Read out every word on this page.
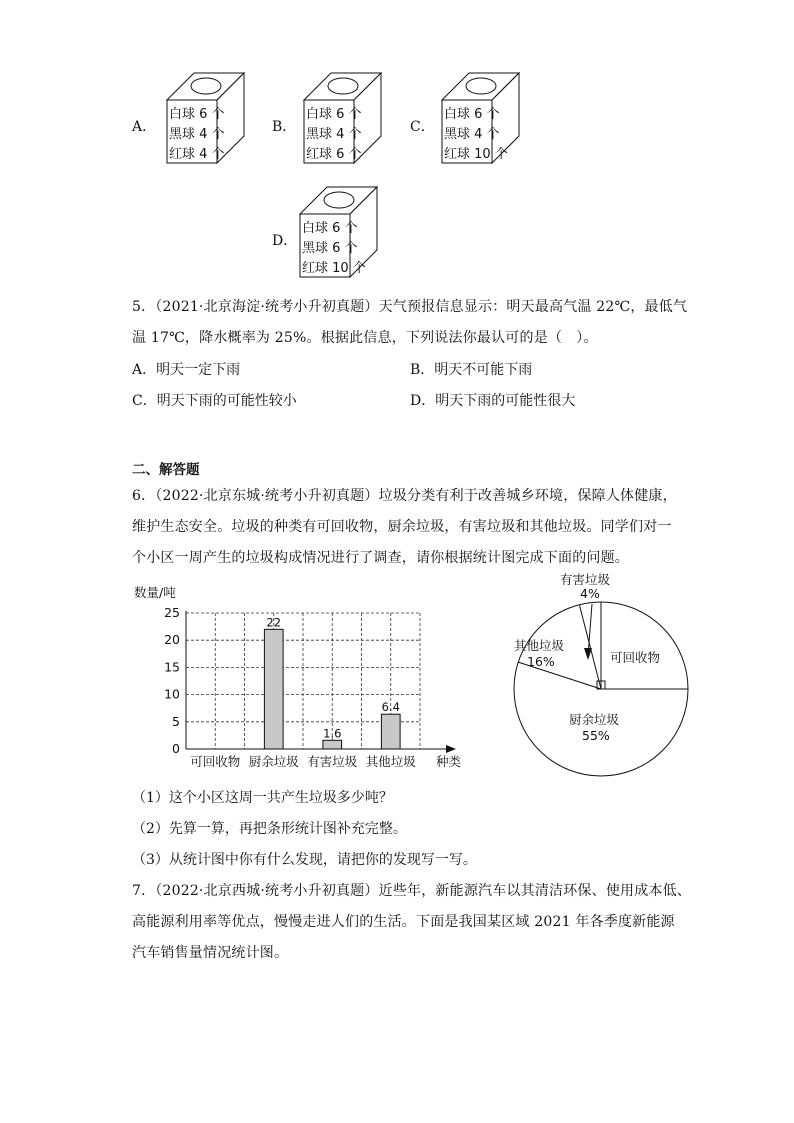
A．
白球 6 个
黑球 4 个
红球 4 个
B．
白球 6 个
黑球 4 个
红球 6 个
C．
白球 6 个
黑球 4 个
红球 10 个
D．
白球 6 个
黑球 6 个
红球 10 个
5．（2021·北京海淀·统考小升初真题）天气预报信息显示：明天最高气温 22℃，最低气
温 17℃，降水概率为 25%。根据此信息，下列说法你最认可的是（　）。
A．明天一定下雨	B．明天不可能下雨
C．明天下雨的可能性较小	D．明天下雨的可能性很大
二、解答题
6．（2022·北京东城·统考小升初真题）垃圾分类有利于改善城乡环境，保障人体健康，
维护生态安全。垃圾的种类有可回收物，厨余垃圾，有害垃圾和其他垃圾。同学们对一
个小区一周产生的垃圾构成情况进行了调查，请你根据统计图完成下面的问题。
数量/吨
0
5
10
15
20
25
22
1.6
6.4
可回收物 厨余垃圾 有害垃圾 其他垃圾 种类
有害垃圾
4%
其他垃圾
16%	可回收物
厨余垃圾
55%
（1）这个小区这周一共产生垃圾多少吨？
（2）先算一算，再把条形统计图补充完整。
（3）从统计图中你有什么发现，请把你的发现写一写。
7．（2022·北京西城·统考小升初真题）近些年，新能源汽车以其清洁环保、使用成本低、
高能源利用率等优点，慢慢走进人们的生活。下面是我国某区域 2021 年各季度新能源
汽车销售量情况统计图。
